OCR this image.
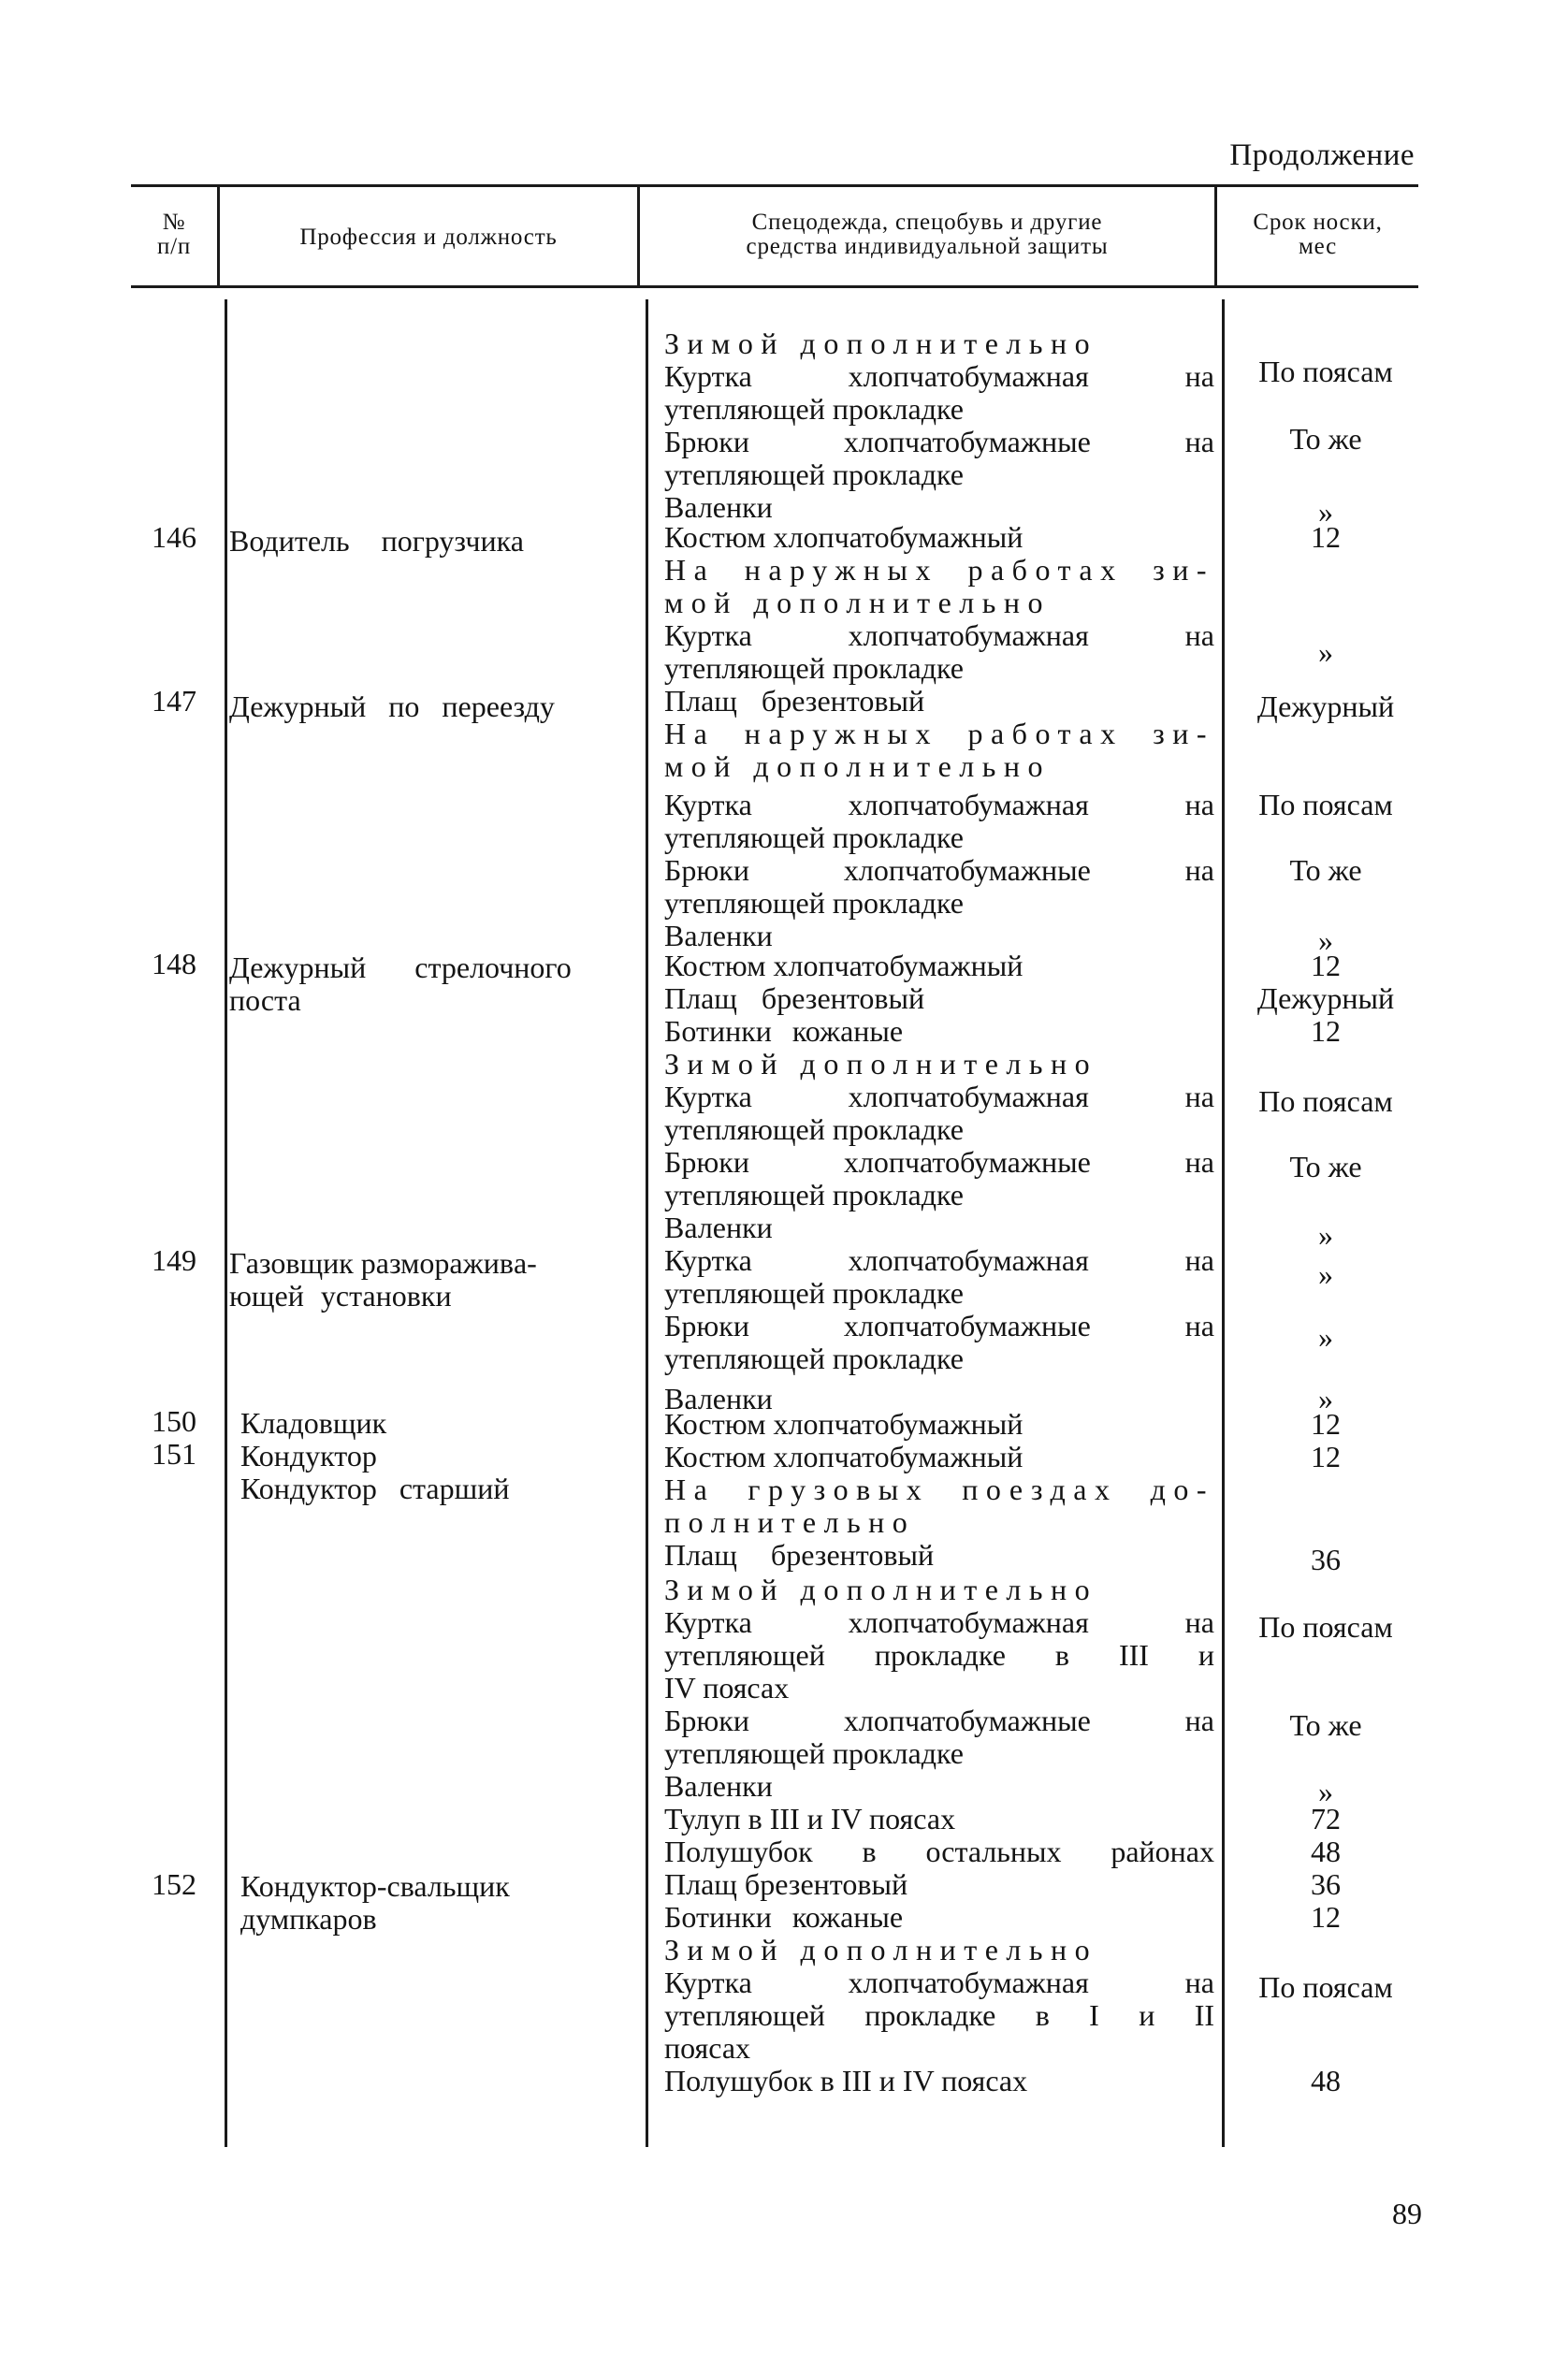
Продолжение
№
п/п	Профессия и должность
Спецодежда, спецобувь и другие
средства индивидуальной защиты
Срок носки,
мес
146
147
148
149
150
151
152
Водитель погрузчика
Дежурный по переезду
Дежурный стрелочного
поста
Газовщик размораживa-
ющей установки
Кладовщик
Кондуктор
Кондуктор старший
Кондуктор-свальщик
думпкаров
Зимой дополнительно
Куртка хлопчатобумажная на
утепляющей прокладке
Брюки хлопчатобумажные на
утепляющей прокладке
Валенки
Костюм хлопчатобумажный
На наружных работах зи-
мой дополнительно
Куртка хлопчатобумажная на
утепляющей прокладке
Плащ брезентовый
На наружных работах зи-
мой дополнительно
Куртка хлопчатобумажная на
утепляющей прокладке
Брюки хлопчатобумажные на
утепляющей прокладке
Валенки
Костюм хлопчатобумажный
Плащ брезентовый
Ботинки кожаные
Зимой дополнительно
Куртка хлопчатобумажная на
утепляющей прокладке
Брюки хлопчатобумажные на
утепляющей прокладке
Валенки
Куртка хлопчатобумажная на
утепляющей прокладке
Брюки хлопчатобумажные на
утепляющей прокладке
Валенки
Костюм хлопчатобумажный
Костюм хлопчатобумажный
На грузовых поездах до-
полнительно
Плащ брезентовый
Зимой дополнительно
Куртка хлопчатобумажная на
утепляющей прокладке в III и
IV поясах
Брюки хлопчатобумажные на
утепляющей прокладке
Валенки
Тулуп в III и IV поясах
Полушубок в остальных районах
Плащ брезентовый
Ботинки кожаные
Зимой дополнительно
Куртка хлопчатобумажная на
утепляющей прокладке в I и II
поясах
Полушубок в III и IV поясах
По поясам
То же
»
12
»
Дежурный
По поясам
То же
»
12
Дежурный
12
По поясам
То же
»
»
»
»
12
12
36
По поясам
То же
»
72
48
36
12
По поясам
48
89
